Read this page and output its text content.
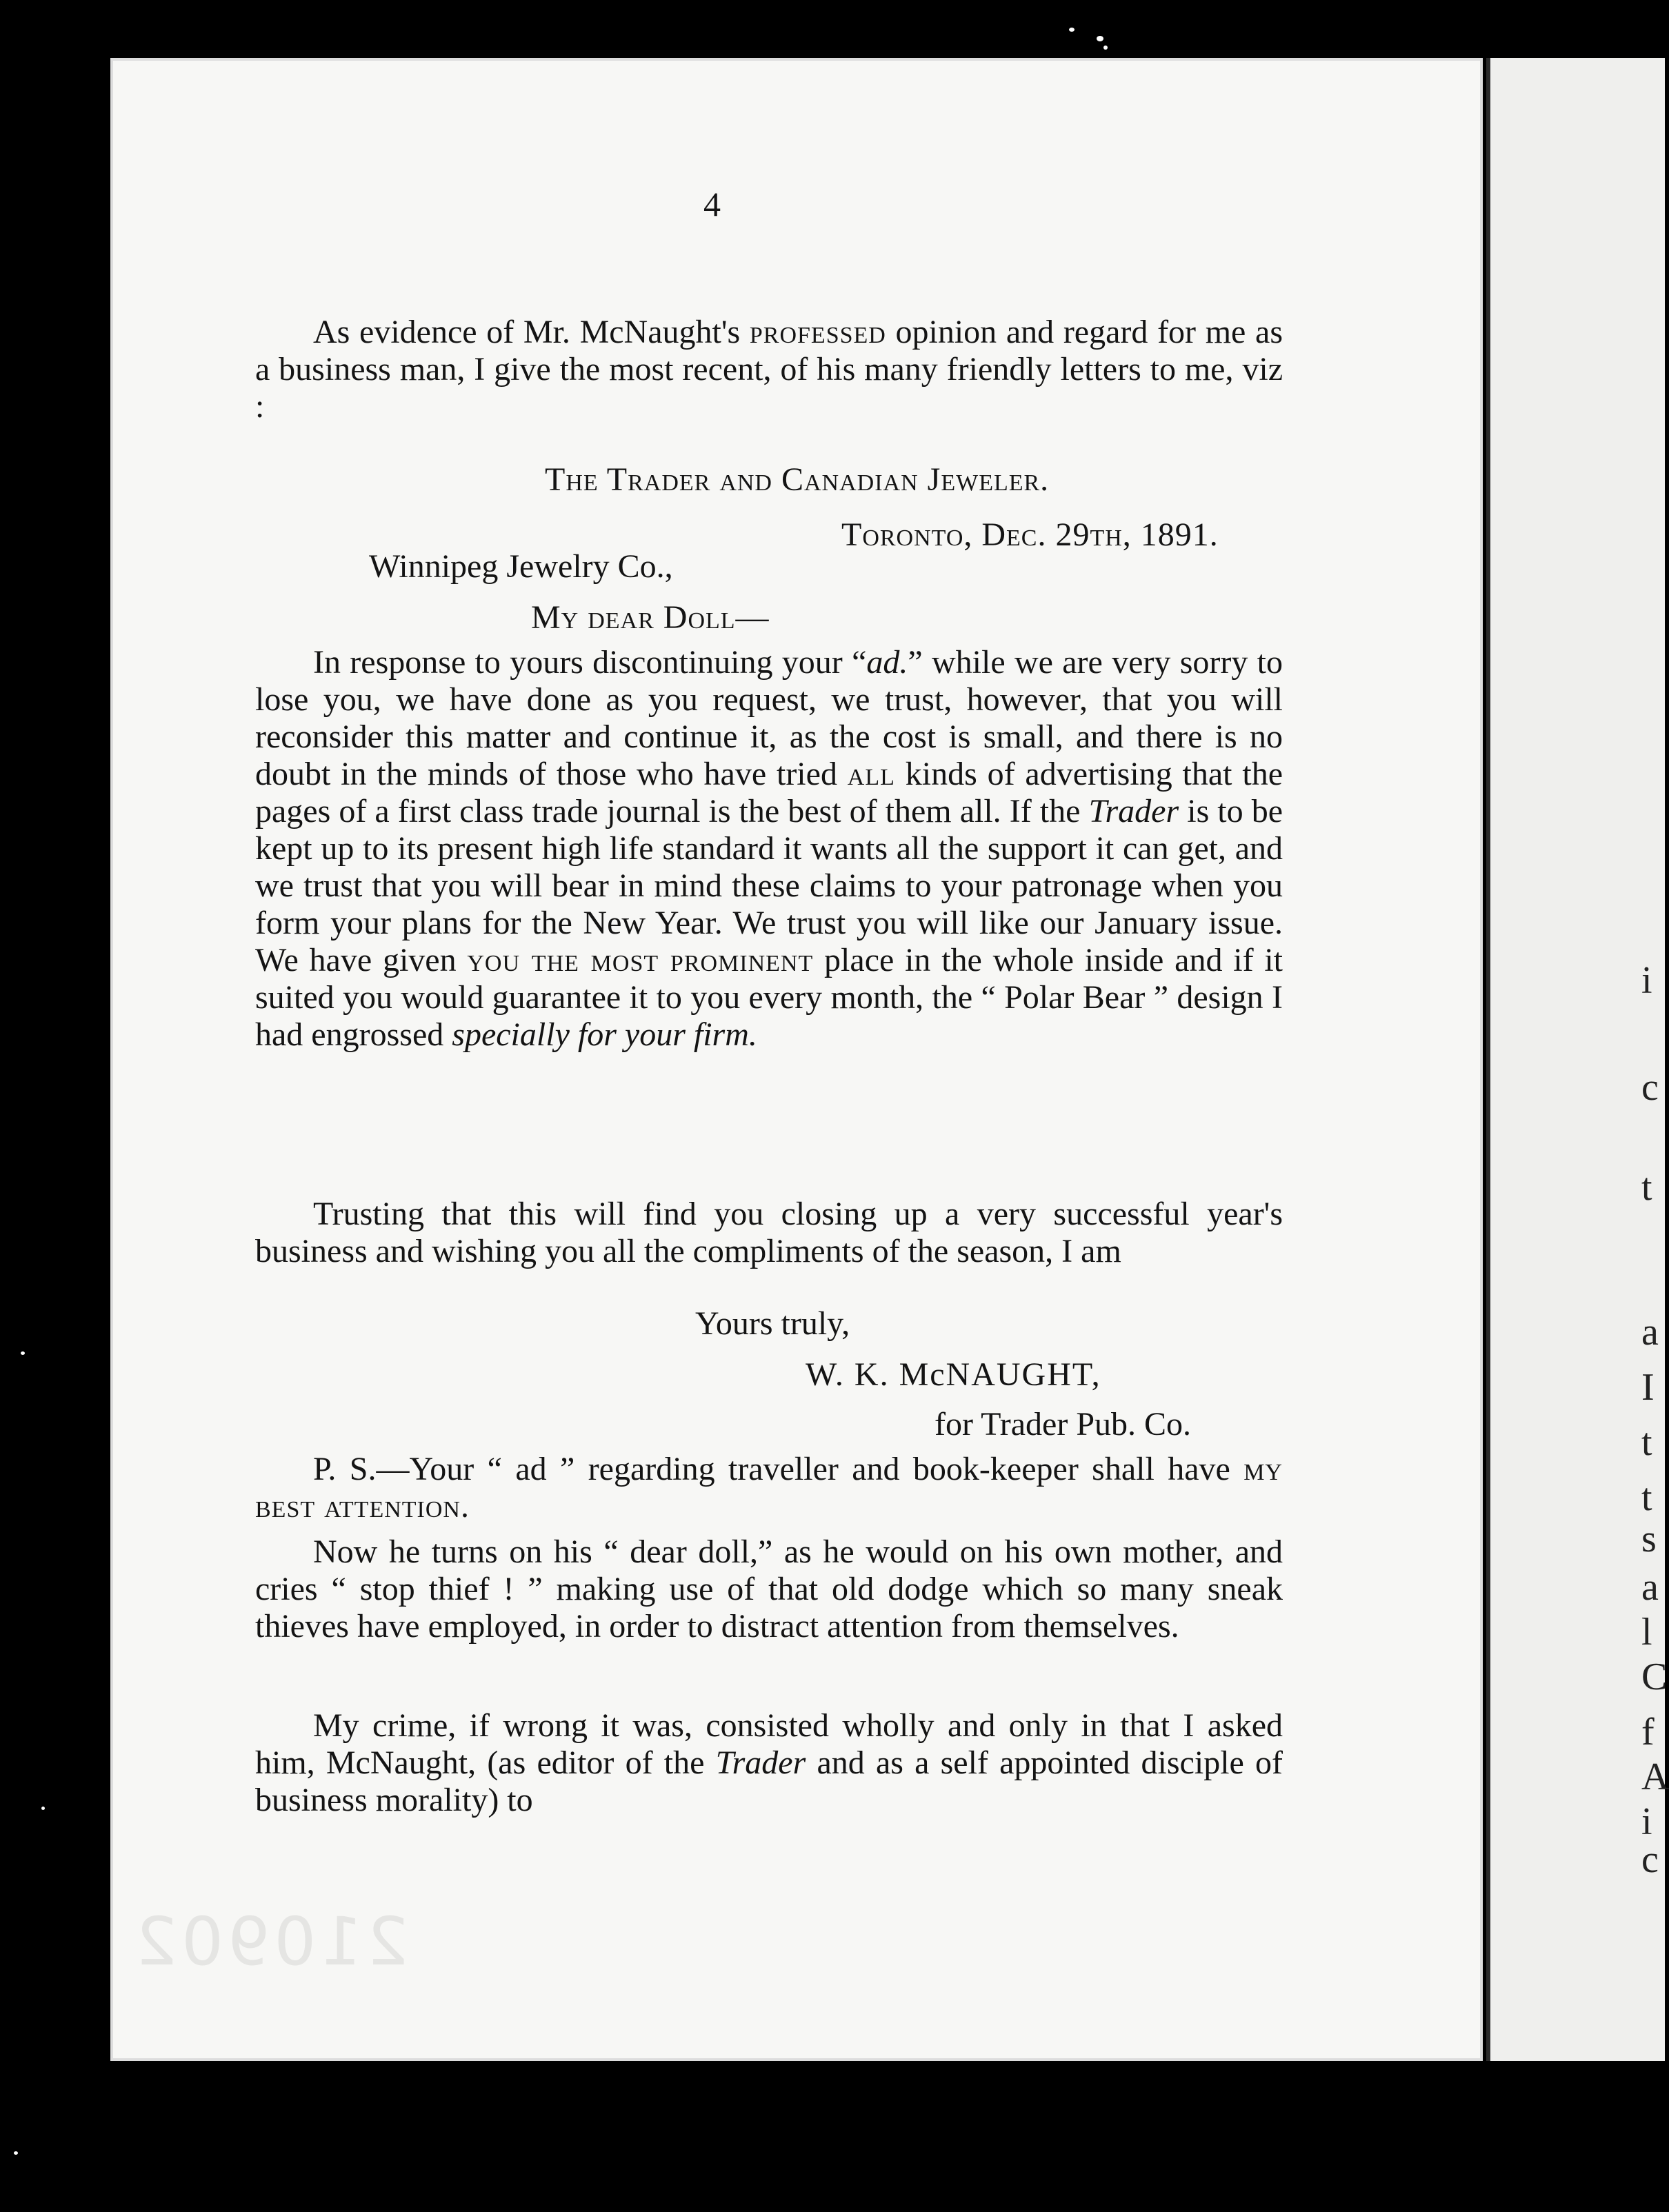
4

As evidence of Mr. McNaught's professed opinion and regard for me as a business man, I give the most recent, of his many friendly letters to me, viz :

The Trader and Canadian Jeweler.
Toronto, Dec. 29th, 1891.
Winnipeg Jewelry Co.,
My dear Doll—

In response to yours discontinuing your “ad.” while we are very sorry to lose you, we have done as you request, we trust, however, that you will reconsider this matter and continue it, as the cost is small, and there is no doubt in the minds of those who have tried all kinds of advertising that the pages of a first class trade journal is the best of them all. If the Trader is to be kept up to its present high life standard it wants all the support it can get, and we trust that you will bear in mind these claims to your patronage when you form your plans for the New Year. We trust you will like our January issue. We have given you the most prominent place in the whole inside and if it suited you would guarantee it to you every month, the “ Polar Bear ” design I had engrossed specially for your firm.

Trusting that this will find you closing up a very successful year's business and wishing you all the compliments of the season, I am

Yours truly,
W. K. McNAUGHT,
for Trader Pub. Co.

P. S.—Your “ ad ” regarding traveller and book-keeper shall have my best attention.

Now he turns on his “ dear doll,” as he would on his own mother, and cries “ stop thief ! ” making use of that old dodge which so many sneak thieves have employed, in order to distract attention from themselves.

My crime, if wrong it was, consisted wholly and only in that I asked him, McNaught, (as editor of the Trader and as a self appointed disciple of business morality) to

210902
i
c
t
a
I
t
t
s
a
l
C
f
A
i
c
